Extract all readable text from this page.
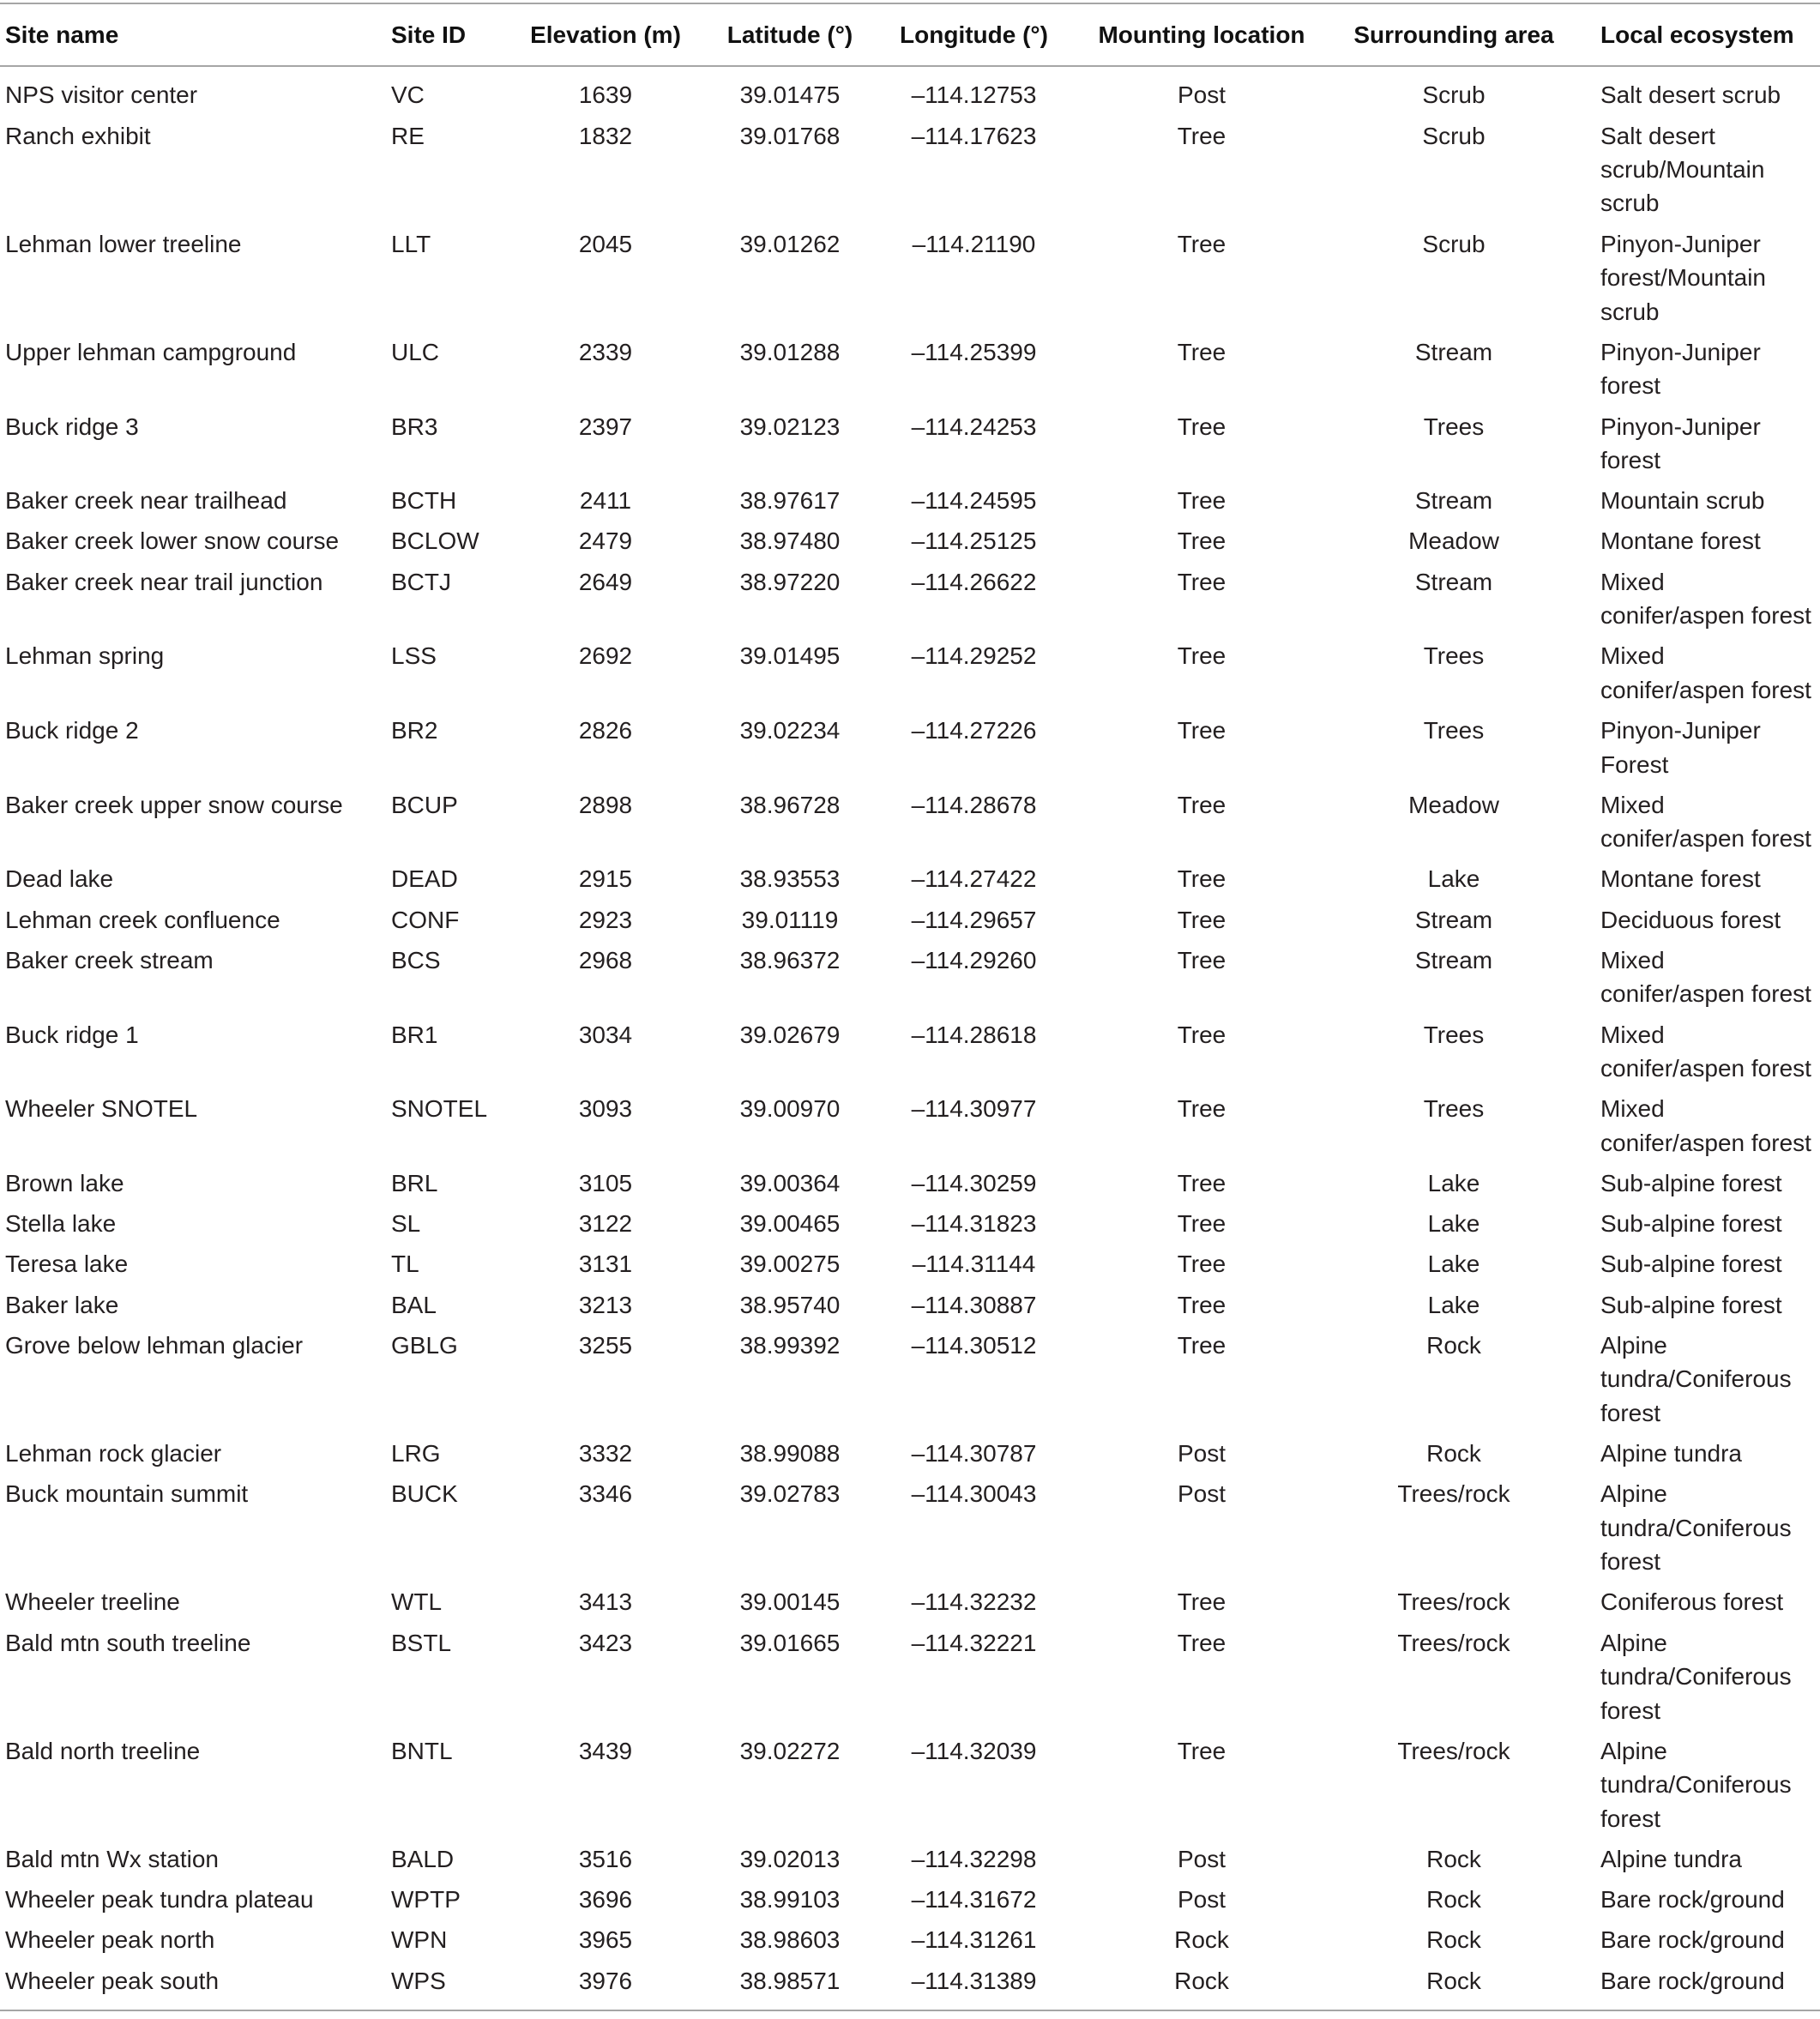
Site name	Site ID	Elevation (m)	Latitude (°)	Longitude (°)	Mounting location	Surrounding area	Local ecosystem
NPS visitor center	VC	1639	39.01475	–114.12753	Post	Scrub	Salt desert scrub
Ranch exhibit	RE	1832	39.01768	–114.17623	Tree	Scrub	Salt desert
scrub/Mountain
scrub
Lehman lower treeline	LLT	2045	39.01262	–114.21190	Tree	Scrub	Pinyon-Juniper
forest/Mountain
scrub
Upper lehman campground	ULC	2339	39.01288	–114.25399	Tree	Stream	Pinyon-Juniper
forest
Buck ridge 3	BR3	2397	39.02123	–114.24253	Tree	Trees	Pinyon-Juniper
forest
Baker creek near trailhead	BCTH	2411	38.97617	–114.24595	Tree	Stream	Mountain scrub
Baker creek lower snow course	BCLOW	2479	38.97480	–114.25125	Tree	Meadow	Montane forest
Baker creek near trail junction	BCTJ	2649	38.97220	–114.26622	Tree	Stream	Mixed
conifer/aspen forest
Lehman spring	LSS	2692	39.01495	–114.29252	Tree	Trees	Mixed
conifer/aspen forest
Buck ridge 2	BR2	2826	39.02234	–114.27226	Tree	Trees	Pinyon-Juniper
Forest
Baker creek upper snow course	BCUP	2898	38.96728	–114.28678	Tree	Meadow	Mixed
conifer/aspen forest
Dead lake	DEAD	2915	38.93553	–114.27422	Tree	Lake	Montane forest
Lehman creek confluence	CONF	2923	39.01119	–114.29657	Tree	Stream	Deciduous forest
Baker creek stream	BCS	2968	38.96372	–114.29260	Tree	Stream	Mixed
conifer/aspen forest
Buck ridge 1	BR1	3034	39.02679	–114.28618	Tree	Trees	Mixed
conifer/aspen forest
Wheeler SNOTEL	SNOTEL	3093	39.00970	–114.30977	Tree	Trees	Mixed
conifer/aspen forest
Brown lake	BRL	3105	39.00364	–114.30259	Tree	Lake	Sub-alpine forest
Stella lake	SL	3122	39.00465	–114.31823	Tree	Lake	Sub-alpine forest
Teresa lake	TL	3131	39.00275	–114.31144	Tree	Lake	Sub-alpine forest
Baker lake	BAL	3213	38.95740	–114.30887	Tree	Lake	Sub-alpine forest
Grove below lehman glacier	GBLG	3255	38.99392	–114.30512	Tree	Rock	Alpine
tundra/Coniferous
forest
Lehman rock glacier	LRG	3332	38.99088	–114.30787	Post	Rock	Alpine tundra
Buck mountain summit	BUCK	3346	39.02783	–114.30043	Post	Trees/rock	Alpine
tundra/Coniferous
forest
Wheeler treeline	WTL	3413	39.00145	–114.32232	Tree	Trees/rock	Coniferous forest
Bald mtn south treeline	BSTL	3423	39.01665	–114.32221	Tree	Trees/rock	Alpine
tundra/Coniferous
forest
Bald north treeline	BNTL	3439	39.02272	–114.32039	Tree	Trees/rock	Alpine
tundra/Coniferous
forest
Bald mtn Wx station	BALD	3516	39.02013	–114.32298	Post	Rock	Alpine tundra
Wheeler peak tundra plateau	WPTP	3696	38.99103	–114.31672	Post	Rock	Bare rock/ground
Wheeler peak north	WPN	3965	38.98603	–114.31261	Rock	Rock	Bare rock/ground
Wheeler peak south	WPS	3976	38.98571	–114.31389	Rock	Rock	Bare rock/ground
